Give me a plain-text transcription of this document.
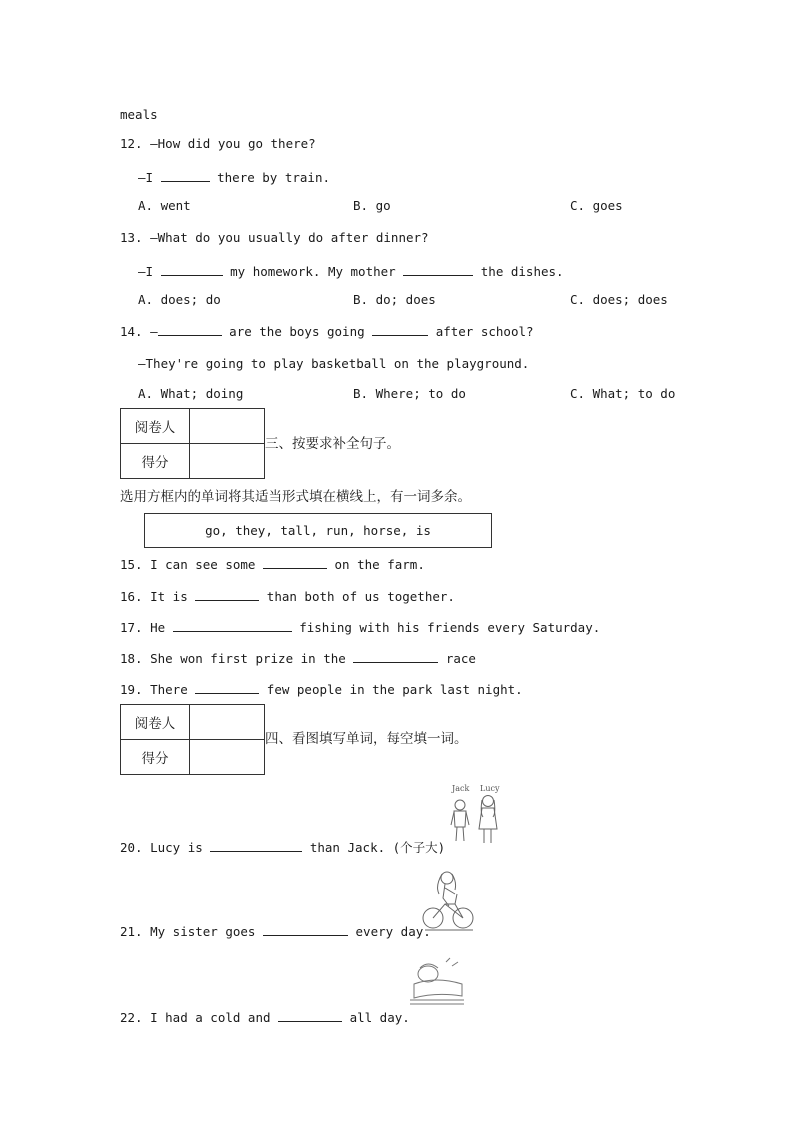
meals
12. —How did you go there?
—I	there by train.
A. went	B. go	C. goes
13. —What do you usually do after dinner?
—I	my homework. My mother	the dishes.
A. does; do	B. do; does	C. does; does
14. —	are the boys going	after school?
—They're going to play basketball on the playground.
A. What; doing	B. Where; to do	C. What; to do
阅卷人	
得分	
三、按要求补全句子。
选用方框内的单词将其适当形式填在横线上，有一词多余。
go, they, tall, run, horse, is
15. I can see some	on the farm.
16. It is	than both of us together.
17. He	fishing with his friends every Saturday.
18. She won first prize in the	race
19. There	few people in the park last night.
阅卷人	
得分	
四、看图填写单词，每空填一词。
Jack Lucy
20. Lucy is	than Jack. (个子大)
21. My sister goes	every day.
22. I had a cold and	all day.
